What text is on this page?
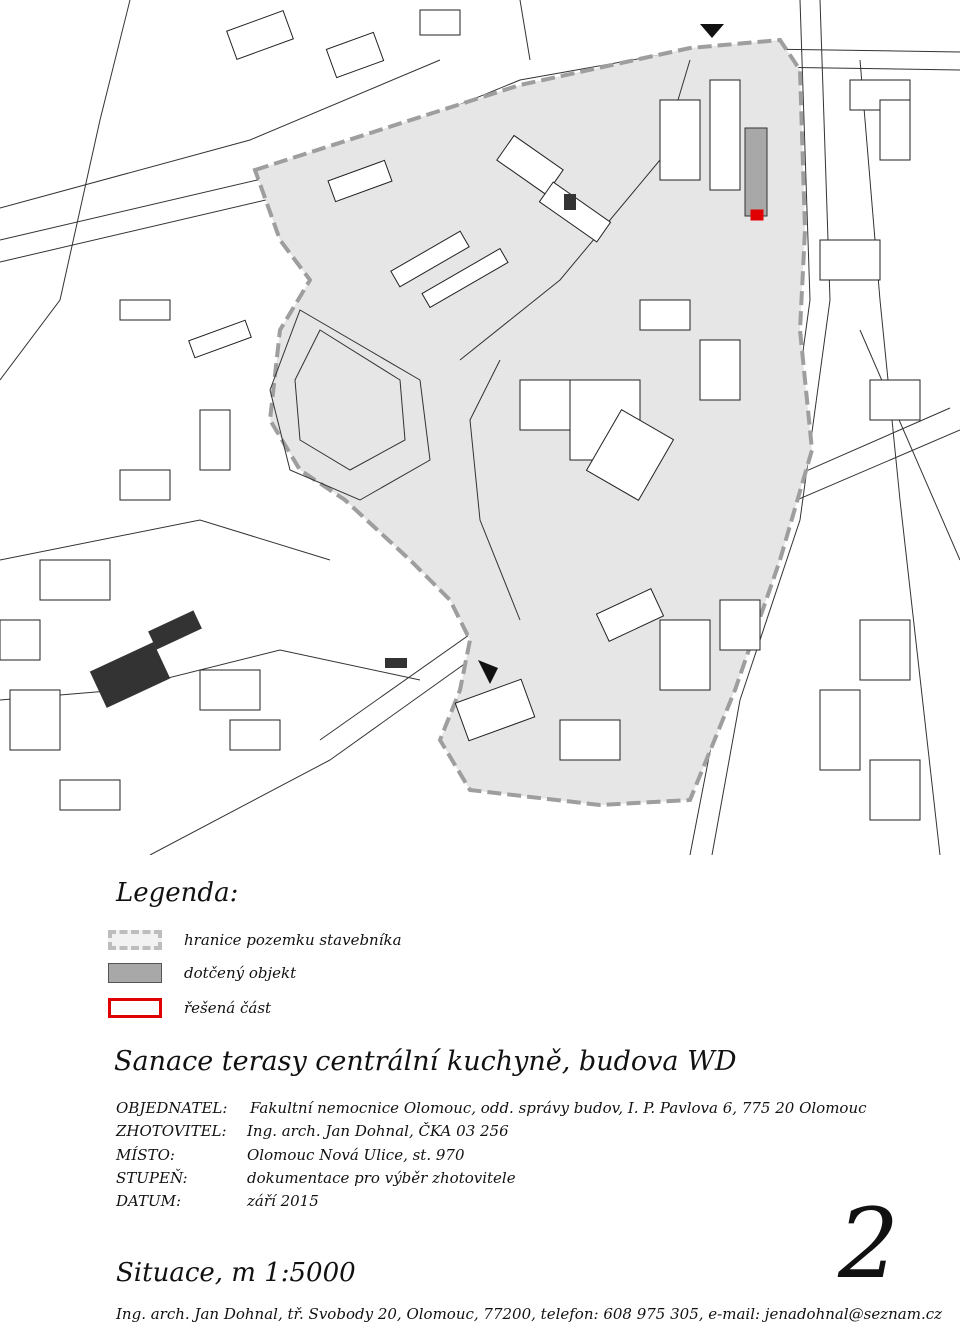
Legenda:
hranice pozemku stavebníka
dotčený objekt
řešená část
Sanace terasy centrální kuchyně, budova WD
OBJEDNATEL: Fakultní nemocnice Olomouc, odd. správy budov, I. P. Pavlova 6, 775 20 Olomouc
ZHOTOVITEL: Ing. arch. Jan Dohnal, ČKA 03 256
MÍSTO:	Olomouc Nová Ulice, st. 970
STUPEŇ:	dokumentace pro výběr zhotovitele
DATUM:	září 2015
Situace, m 1:5000	2
Ing. arch. Jan Dohnal, tř. Svobody 20, Olomouc, 77200, telefon: 608 975 305, e-mail: jenadohnal@seznam.cz
